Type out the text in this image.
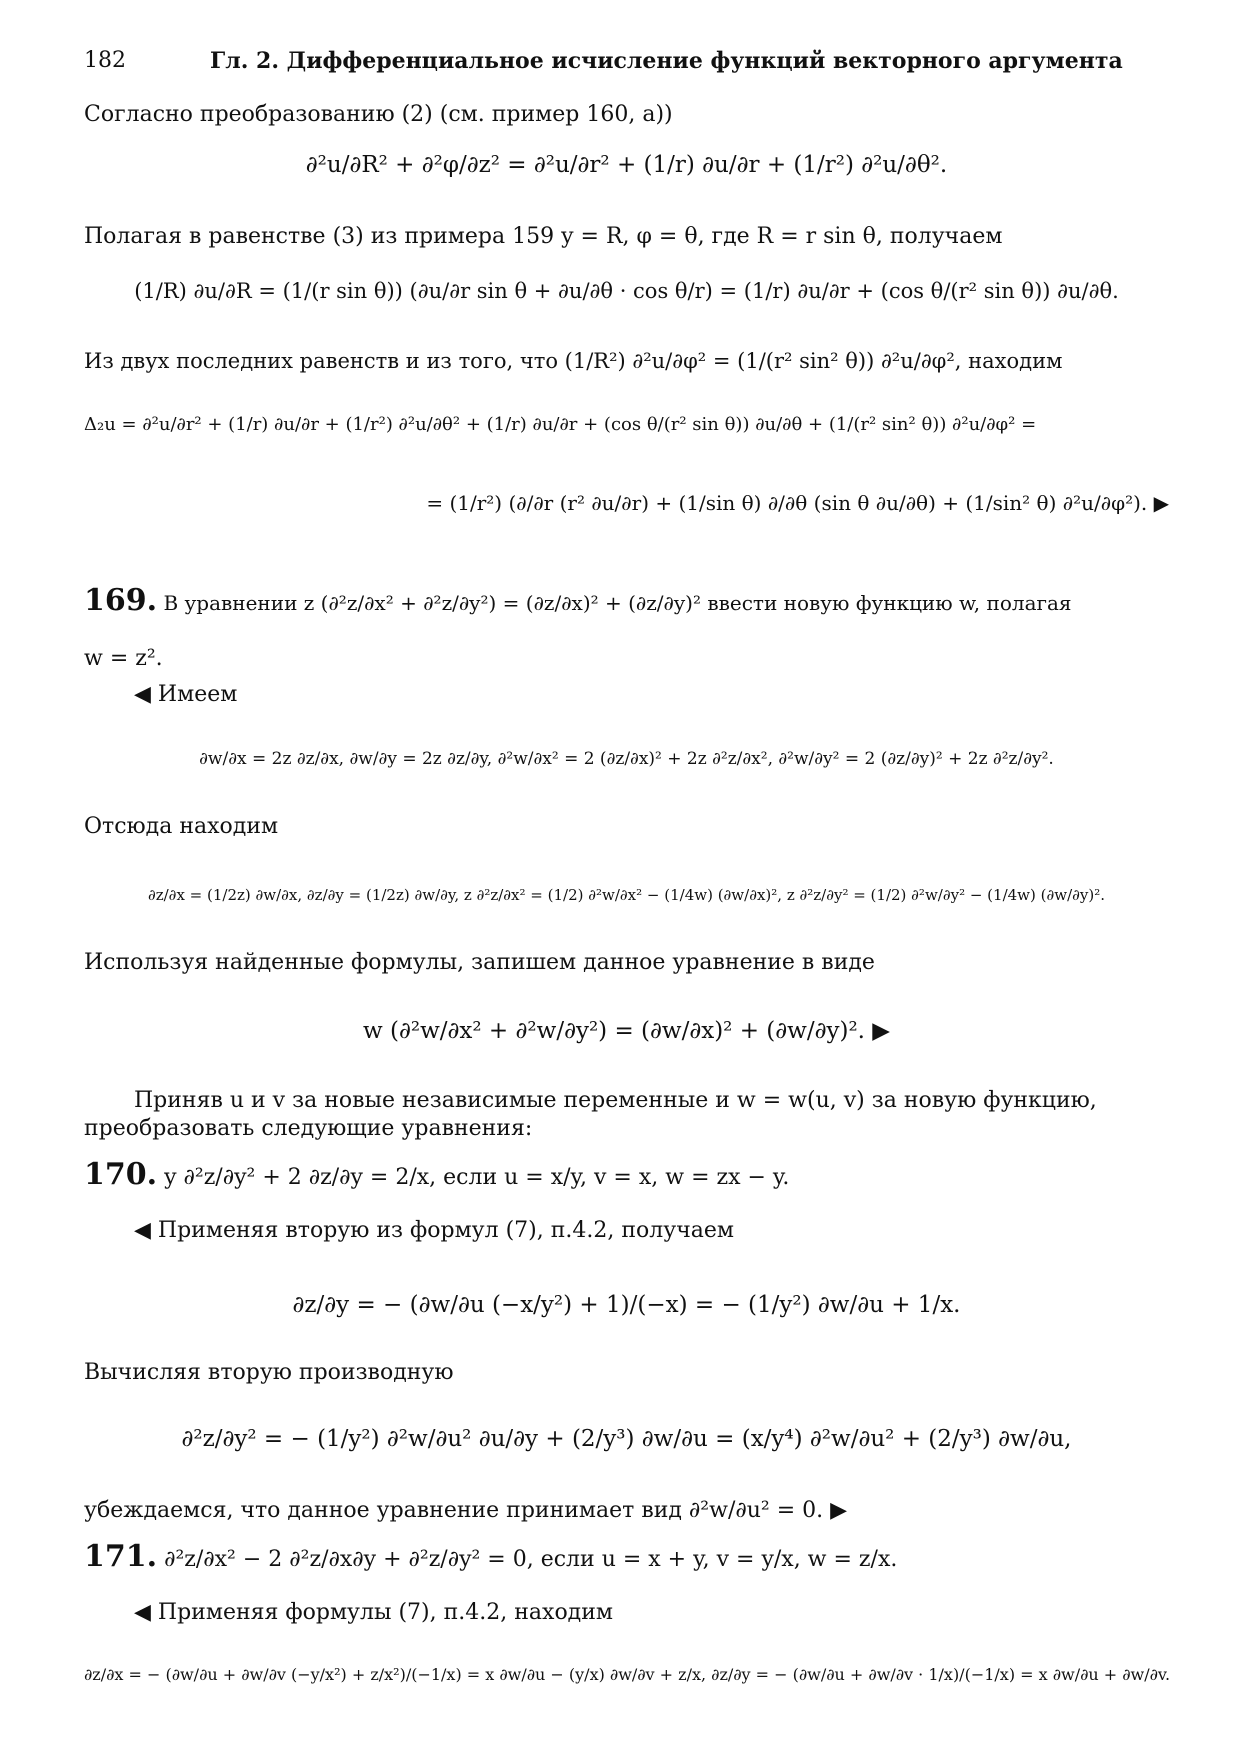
182	Гл. 2. Дифференциальное исчисление функций векторного аргумента
Согласно преобразованию (2) (см. пример 160, а))
∂²u/∂R² + ∂²φ/∂z² = ∂²u/∂r² + (1/r) ∂u/∂r + (1/r²) ∂²u/∂θ².
Полагая в равенстве (3) из примера 159 y = R, φ = θ, где R = r sin θ, получаем
(1/R) ∂u/∂R = (1/(r sin θ)) (∂u/∂r sin θ + ∂u/∂θ · cos θ/r) = (1/r) ∂u/∂r + (cos θ/(r² sin θ)) ∂u/∂θ.
Из двух последних равенств и из того, что (1/R²) ∂²u/∂φ² = (1/(r² sin² θ)) ∂²u/∂φ², находим
Δ₂u = ∂²u/∂r² + (1/r) ∂u/∂r + (1/r²) ∂²u/∂θ² + (1/r) ∂u/∂r + (cos θ/(r² sin θ)) ∂u/∂θ + (1/(r² sin² θ)) ∂²u/∂φ² =
= (1/r²) (∂/∂r (r² ∂u/∂r) + (1/sin θ) ∂/∂θ (sin θ ∂u/∂θ) + (1/sin² θ) ∂²u/∂φ²). ▶
169. В уравнении z (∂²z/∂x² + ∂²z/∂y²) = (∂z/∂x)² + (∂z/∂y)² ввести новую функцию w, полагая
w = z².
◀ Имеем
∂w/∂x = 2z ∂z/∂x, ∂w/∂y = 2z ∂z/∂y, ∂²w/∂x² = 2 (∂z/∂x)² + 2z ∂²z/∂x², ∂²w/∂y² = 2 (∂z/∂y)² + 2z ∂²z/∂y².
Отсюда находим
∂z/∂x = (1/2z) ∂w/∂x, ∂z/∂y = (1/2z) ∂w/∂y, z ∂²z/∂x² = (1/2) ∂²w/∂x² − (1/4w) (∂w/∂x)², z ∂²z/∂y² = (1/2) ∂²w/∂y² − (1/4w) (∂w/∂y)².
Используя найденные формулы, запишем данное уравнение в виде
w (∂²w/∂x² + ∂²w/∂y²) = (∂w/∂x)² + (∂w/∂y)². ▶
Приняв u и v за новые независимые переменные и w = w(u, v) за новую функцию,
преобразовать следующие уравнения:
170. y ∂²z/∂y² + 2 ∂z/∂y = 2/x, если u = x/y, v = x, w = zx − y.
◀ Применяя вторую из формул (7), п.4.2, получаем
∂z/∂y = − (∂w/∂u (−x/y²) + 1)/(−x) = − (1/y²) ∂w/∂u + 1/x.
Вычисляя вторую производную
∂²z/∂y² = − (1/y²) ∂²w/∂u² ∂u/∂y + (2/y³) ∂w/∂u = (x/y⁴) ∂²w/∂u² + (2/y³) ∂w/∂u,
убеждаемся, что данное уравнение принимает вид ∂²w/∂u² = 0. ▶
171. ∂²z/∂x² − 2 ∂²z/∂x∂y + ∂²z/∂y² = 0, если u = x + y, v = y/x, w = z/x.
◀ Применяя формулы (7), п.4.2, находим
∂z/∂x = − (∂w/∂u + ∂w/∂v (−y/x²) + z/x²)/(−1/x) = x ∂w/∂u − (y/x) ∂w/∂v + z/x, ∂z/∂y = − (∂w/∂u + ∂w/∂v · 1/x)/(−1/x) = x ∂w/∂u + ∂w/∂v.
